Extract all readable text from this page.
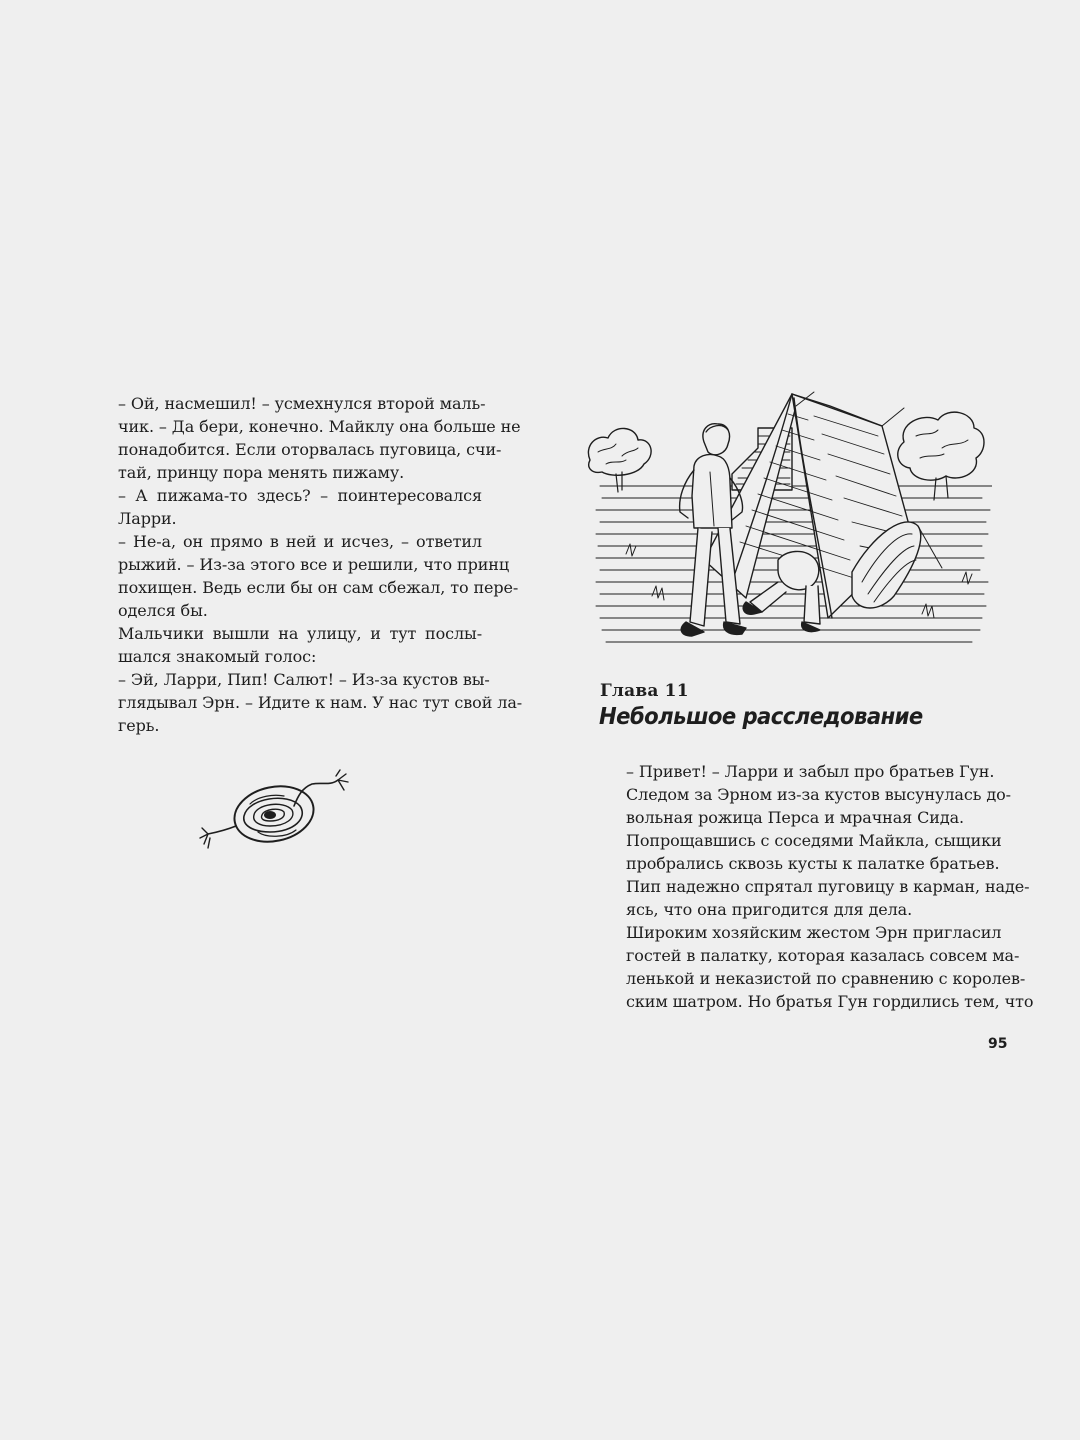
– Ой, насмешил! – усмехнулся второй маль-
чик. – Да бери, конечно. Майклу она больше не
понадобится. Если оторвалась пуговица, счи-
тай, принцу пора менять пижаму.

– А пижама-то здесь? – поинтересовался
Ларри.

– Не-а, он прямо в ней и исчез, – ответил
рыжий. – Из-за этого все и решили, что принц
похищен. Ведь если бы он сам сбежал, то пере-
оделся бы.

Мальчики вышли на улицу, и тут послы-
шался знакомый голос:

– Эй, Ларри, Пип! Салют! – Из-за кустов вы-
глядывал Эрн. – Идите к нам. У нас тут свой ла-
герь.

Глава 11
Небольшое расследование

– Привет! – Ларри и забыл про братьев Гун.
Следом за Эрном из-за кустов высунулась до-
вольная рожица Перса и мрачная Сида.

Попрощавшись с соседями Майкла, сыщики
пробрались сквозь кусты к палатке братьев.
Пип надежно спрятал пуговицу в карман, наде-
ясь, что она пригодится для дела.

Широким хозяйским жестом Эрн пригласил
гостей в палатку, которая казалась совсем ма-
ленькой и неказистой по сравнению с королев-
ским шатром. Но братья Гун гордились тем, что

95
